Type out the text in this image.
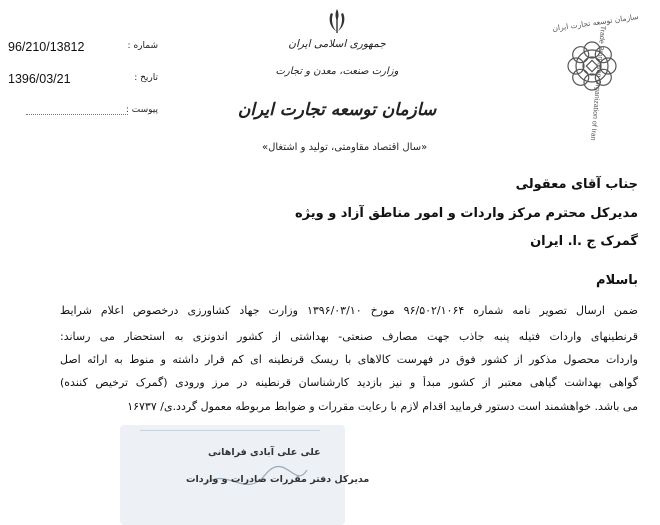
96/210/13812	شماره :
1396/03/21	تاریخ :
پیوست :
جمهوری اسلامی ایران
وزارت صنعت، معدن و تجارت
سازمان توسعه تجارت ایران
«سال اقتصاد مقاومتی، تولید و اشتغال»
سازمان توسعه تجارت ایران
Trade Promotion Organization of Iran
جناب آقای معقولی
مدیرکل محترم مرکز واردات و امور مناطق آزاد و ویژه
گمرک ج .ا. ایران
باسلام
ضمن ارسال تصویر نامه شماره ۹۶/۵۰۲/۱۰۶۴ مورخ ۱۳۹۶/۰۳/۱۰ وزارت جهاد کشاورزی درخصوص اعلام شرایط
قرنطینهای واردات فتیله پنبه جاذب جهت مصارف صنعتی- بهداشتی از کشور اندونزی به استحضار می رساند:
واردات محصول مذکور از کشور فوق در فهرست کالاهای با ریسک قرنطینه ای کم قرار داشته و منوط به ارائه اصل
گواهی بهداشت گیاهی معتبر از کشور مبدأ و نیز بازدید کارشناسان قرنطینه در مرز ورودی (گمرک ترخیص کننده)
می باشد. خواهشمند است دستور فرمایید اقدام لازم با رعایت مقررات و ضوابط مربوطه معمول گردد.ی/ ۱۶۷۳۷
علی علی آبادی فراهانی
مدیرکل دفتر مقررات صادرات و واردات
